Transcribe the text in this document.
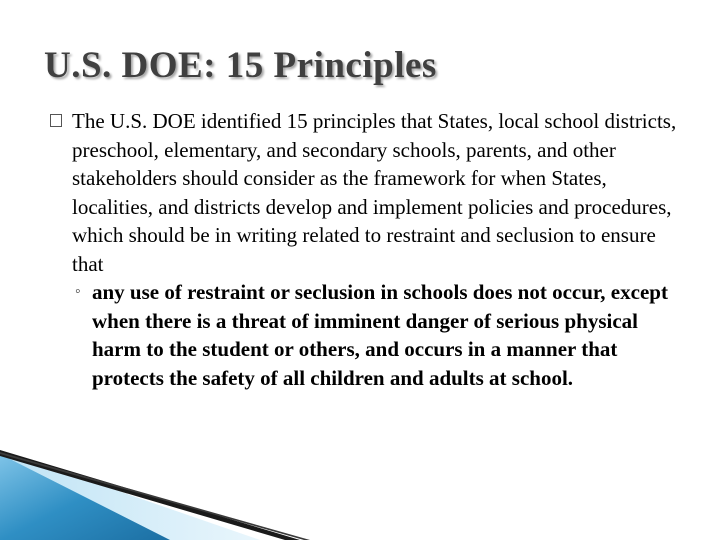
U.S. DOE: 15 Principles
The U.S. DOE identified 15 principles that States, local school districts, preschool, elementary, and secondary schools, parents, and other stakeholders should consider as the framework for when States, localities, and districts develop and implement policies and procedures, which should be in writing related to restraint and seclusion to ensure that
◦ any use of restraint or seclusion in schools does not occur, except when there is a threat of imminent danger of serious physical harm to the student or others, and occurs in a manner that protects the safety of all children and adults at school.
